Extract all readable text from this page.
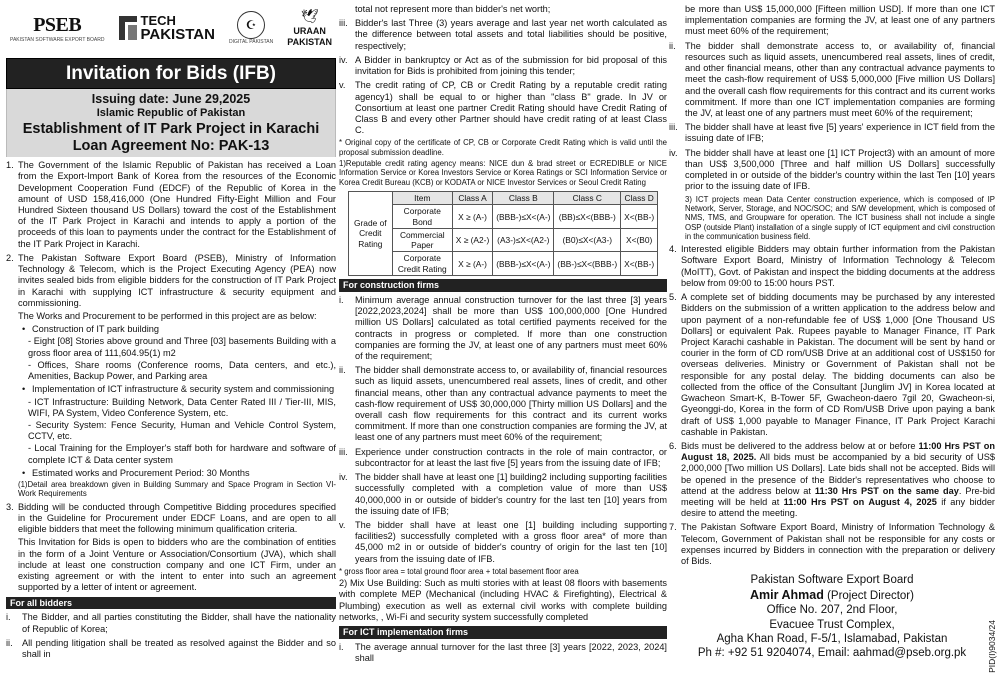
PSEB
PAKISTAN SOFTWARE EXPORT BOARD
TECH
PAKISTAN
☪
DIGITAL PAKISTAN
🕊
URAAN
PAKISTAN
Invitation for Bids (IFB)
Issuing date: June 29,2025
Islamic Republic of Pakistan
Establishment of IT Park Project in Karachi
Loan Agreement No: PAK-13
1. The Government of the Islamic Republic of Pakistan has received a Loan from the Export-Import Bank of Korea from the resources of the Economic Development Cooperation Fund (EDCF) of the Republic of Korea in the amount of USD 158,416,000 (One Hundred Fifty-Eight Million and Four Hundred Sixteen thousand US Dollars) toward the cost of the Establishment of the IT Park Project in Karachi and intends to apply a portion of the proceeds of this loan to payments under the contract for the Establishment of the IT Park Project in Karachi.
2. The Pakistan Software Export Board (PSEB), Ministry of Information Technology & Telecom, which is the Project Executing Agency (PEA) now invites sealed bids from eligible bidders for the construction of IT Park Project in Karachi with supplying ICT infrastructure & security equipment and commissioning.

The Works and Procurement to be performed in this project are as below:

• Construction of IT park building

- Eight [08] Stories above ground and Three [03] basements Building with a gross floor area of 111,604.95(1) m2

- Offices, Share rooms (Conference rooms, Data centers, and etc.), Amenities, Backup Power, and Parking area

• Implementation of ICT infrastructure & security system and commissioning

- ICT Infrastructure: Building Network, Data Center Rated III / Tier-III, MIS, WIFI, PA System, Video Conference System, etc.

- Security System: Fence Security, Human and Vehicle Control System, CCTV, etc.

- Local Training for the Employer's staff both for hardware and software of complete ICT & Data center system

• Estimated works and Procurement Period: 30 Months

(1)Detail area breakdown given in Building Summary and Space Program in Section VI- Work Requirements

3. Bidding will be conducted through Competitive Bidding procedures specified in the Guideline for Procurement under EDCF Loans, and are open to all eligible bidders that meet the following minimum qualification criteria.

This Invitation for Bids is open to bidders who are the combination of entities in the form of a Joint Venture or Association/Consortium (JVA), which shall include at least one construction company and one ICT Firm, under an existing agreement or with the intent to enter into such an agreement supported by a letter of intent or agreement.

For all bidders
i.	The Bidder, and all parties constituting the Bidder, shall have the nationality of Republic of Korea;
ii.	All pending litigation shall be treated as resolved against the Bidder and so shall in

total not represent more than bidder's net worth;

iii. Bidder's last Three (3) years average and last year net worth calculated as the difference between total assets and total liabilities should be positive, respectively;
iv. A Bidder in bankruptcy or Act as of the submission for bid proposal of this invitation for Bids is prohibited from joining this tender;
v.	The credit rating of CP, CB or Credit Rating by a reputable credit rating agency1) shall be equal to or higher than "class B" grade. In JV or Consortium at least one partner Credit Rating should have Credit Rating of Class B and every other Partner should have credit rating of at least Class C.

* Original copy of the certificate of CP, CB or Corporate Credit Rating which is valid until the proposal submission deadline.

1)Reputable credit rating agency means: NICE dun & brad street or ECREDIBLE or NICE Information Service or Korea Investors Service or Korea Ratings or SCI Information Service or Korea Credit Bureau (KCB) or KODATA or NICE Investor Services or Seoul Credit Rating

Grade of Credit Rating	Item	Class A	Class B	Class C	Class D
	Corporate Bond	X ≥ (A-)	(BBB-)≤X<(A-)	(BB)≤X<(BBB-)	X<(BB-)
	Commercial Paper	X ≥ (A2-)	(A3-)≤X<(A2-)	(B0)≤X<(A3-)	X<(B0)
	Corporate Credit Rating	X ≥ (A-)	(BBB-)≤X<(A-)	(BB-)≤X<(BBB-)	X<(BB-)
For construction firms
i.	Minimum average annual construction turnover for the last three [3] years [2022,2023,2024] shall be more than US$ 100,000,000 [One Hundred million US Dollars] calculated as total certified payments received for the contracts in progress or completed. If more than one construction companies are forming the JV, at least one of any partners must meet 60% of the requirement;
ii.	The bidder shall demonstrate access to, or availability of, financial resources such as liquid assets, unencumbered real assets, lines of credit, and other financial means, other than any contractual advance payments to meet the cash-flow requirement of US$ 30,000,000 [Thirty million US Dollars] and the overall cash flow requirements for this contract and its current works commitment. If more than one construction companies are forming the JV, at least one of any partners must meet 60% of the requirement;
iii. Experience under construction contracts in the role of main contractor, or subcontractor for at least the last five [5] years from the issuing date of IFB;
iv. The bidder shall have at least one [1] building2 including supporting facilities successfully completed with a completion value of more than US$ 40,000,000 in or outside of bidder's country for the last ten [10] years from the issuing date of IFB;
v.	The bidder shall have at least one [1] building including supporting facilities2) successfully completed with a gross floor area* of more than 45,000 m2 in or outside of bidder's country of origin for the last ten [10] years from the issuing date of IFB.

* gross floor area = total ground floor area + total basement floor area

2) Mix Use Building: Such as multi stories with at least 08 floors with basements with complete MEP (Mechanical (including HVAC & Firefighting), Electrical & Plumbing) execution as well as external civil works with complete building networks, , Wi-Fi and security system successfully completed

For ICT implementation firms
i.	The average annual turnover for the last three [3] years [2022, 2023, 2024] shall

be more than US$ 15,000,000 [Fifteen million USD]. If more than one ICT implementation companies are forming the JV, at least one of any partners must meet 60% of the requirement;

ii.	The bidder shall demonstrate access to, or availability of, financial resources such as liquid assets, unencumbered real assets, lines of credit, and other financial means, other than any contractual advance payments to meet the cash-flow requirement of US$ 5,000,000 [Five million US Dollars] and the overall cash flow requirements for this contract and its current works commitment. If more than one ICT implementation companies are forming the JV, at least one of any partners must meet 60% of the requirement;
iii. The bidder shall have at least five [5] years' experience in ICT field from the issuing date of IFB;
iv. The bidder shall have at least one [1] ICT Project3) with an amount of more than US$ 3,500,000 [Three and half million US Dollars] successfully completed in or outside of the bidder's country within the last Ten [10] years prior to the issuing date of IFB.

3) ICT projects mean Data Center construction experience, which is composed of IP Network, Server, Storage, and NOC/SOC; and S/W development, which is composed of NMS, TMS, and Groupware for operation. The ICT business shall not include a single OSP (outside Plant) installation of a single supply of ICT equipment and civil construction in the communication business field.

4. Interested eligible Bidders may obtain further information from the Pakistan Software Export Board, Ministry of Information Technology & Telecom (MoITT), Govt. of Pakistan and inspect the bidding documents at the address below from 09:00 to 15:00 hours PST.
5. A complete set of bidding documents may be purchased by any interested Bidders on the submission of a written application to the address below and upon payment of a non-refundable fee of US$ 1,000 [One Thousand US Dollars] or equivalent Pak. Rupees payable to Manager Finance, IT Park Project Karachi cashable in Pakistan. The document will be sent by hand or courier in the form of CD rom/USB Drive at an additional cost of US$150 for overseas deliveries. Ministry or Government of Pakistan shall not be responsible for any postal delay. The bidding documents can also be collected from the office of the Consultant [Junglim JV] in Korea located at Gwacheon Smart-K, B-Tower 5F, Gwacheon-daero 7gil 20, Gwacheon-si, Gyeonggi-do, Korea in the form of CD Rom/USB Drive upon paying a bank draft of US$ 1,000 payable to Manager Finance, IT Park Project Karachi cashable in Pakistan.
6. Bids must be delivered to the address below at or before 11:00 Hrs PST on August 18, 2025. All bids must be accompanied by a bid security of US$ 2,000,000 [Two million US Dollars]. Late bids shall not be accepted. Bids will be opened in the presence of the Bidder's representatives who choose to attend at the address below at 11:30 Hrs PST on the same day. Pre-bid meeting will be held at 11:00 Hrs PST on August 4, 2025 if any bidder desire to attend the meeting.
7. The Pakistan Software Export Board, Ministry of Information Technology & Telecom, Government of Pakistan shall not be responsible for any costs or expenses incurred by Bidders in connection with the preparation or delivery of Bids.
Pakistan Software Export Board
Amir Ahmad (Project Director)
Office No. 207, 2nd Floor,
Evacuee Trust Complex,
Agha Khan Road, F-5/1, Islamabad, Pakistan
Ph #: +92 51 9204074, Email: aahmad@pseb.org.pk	PID(I)9034/24
